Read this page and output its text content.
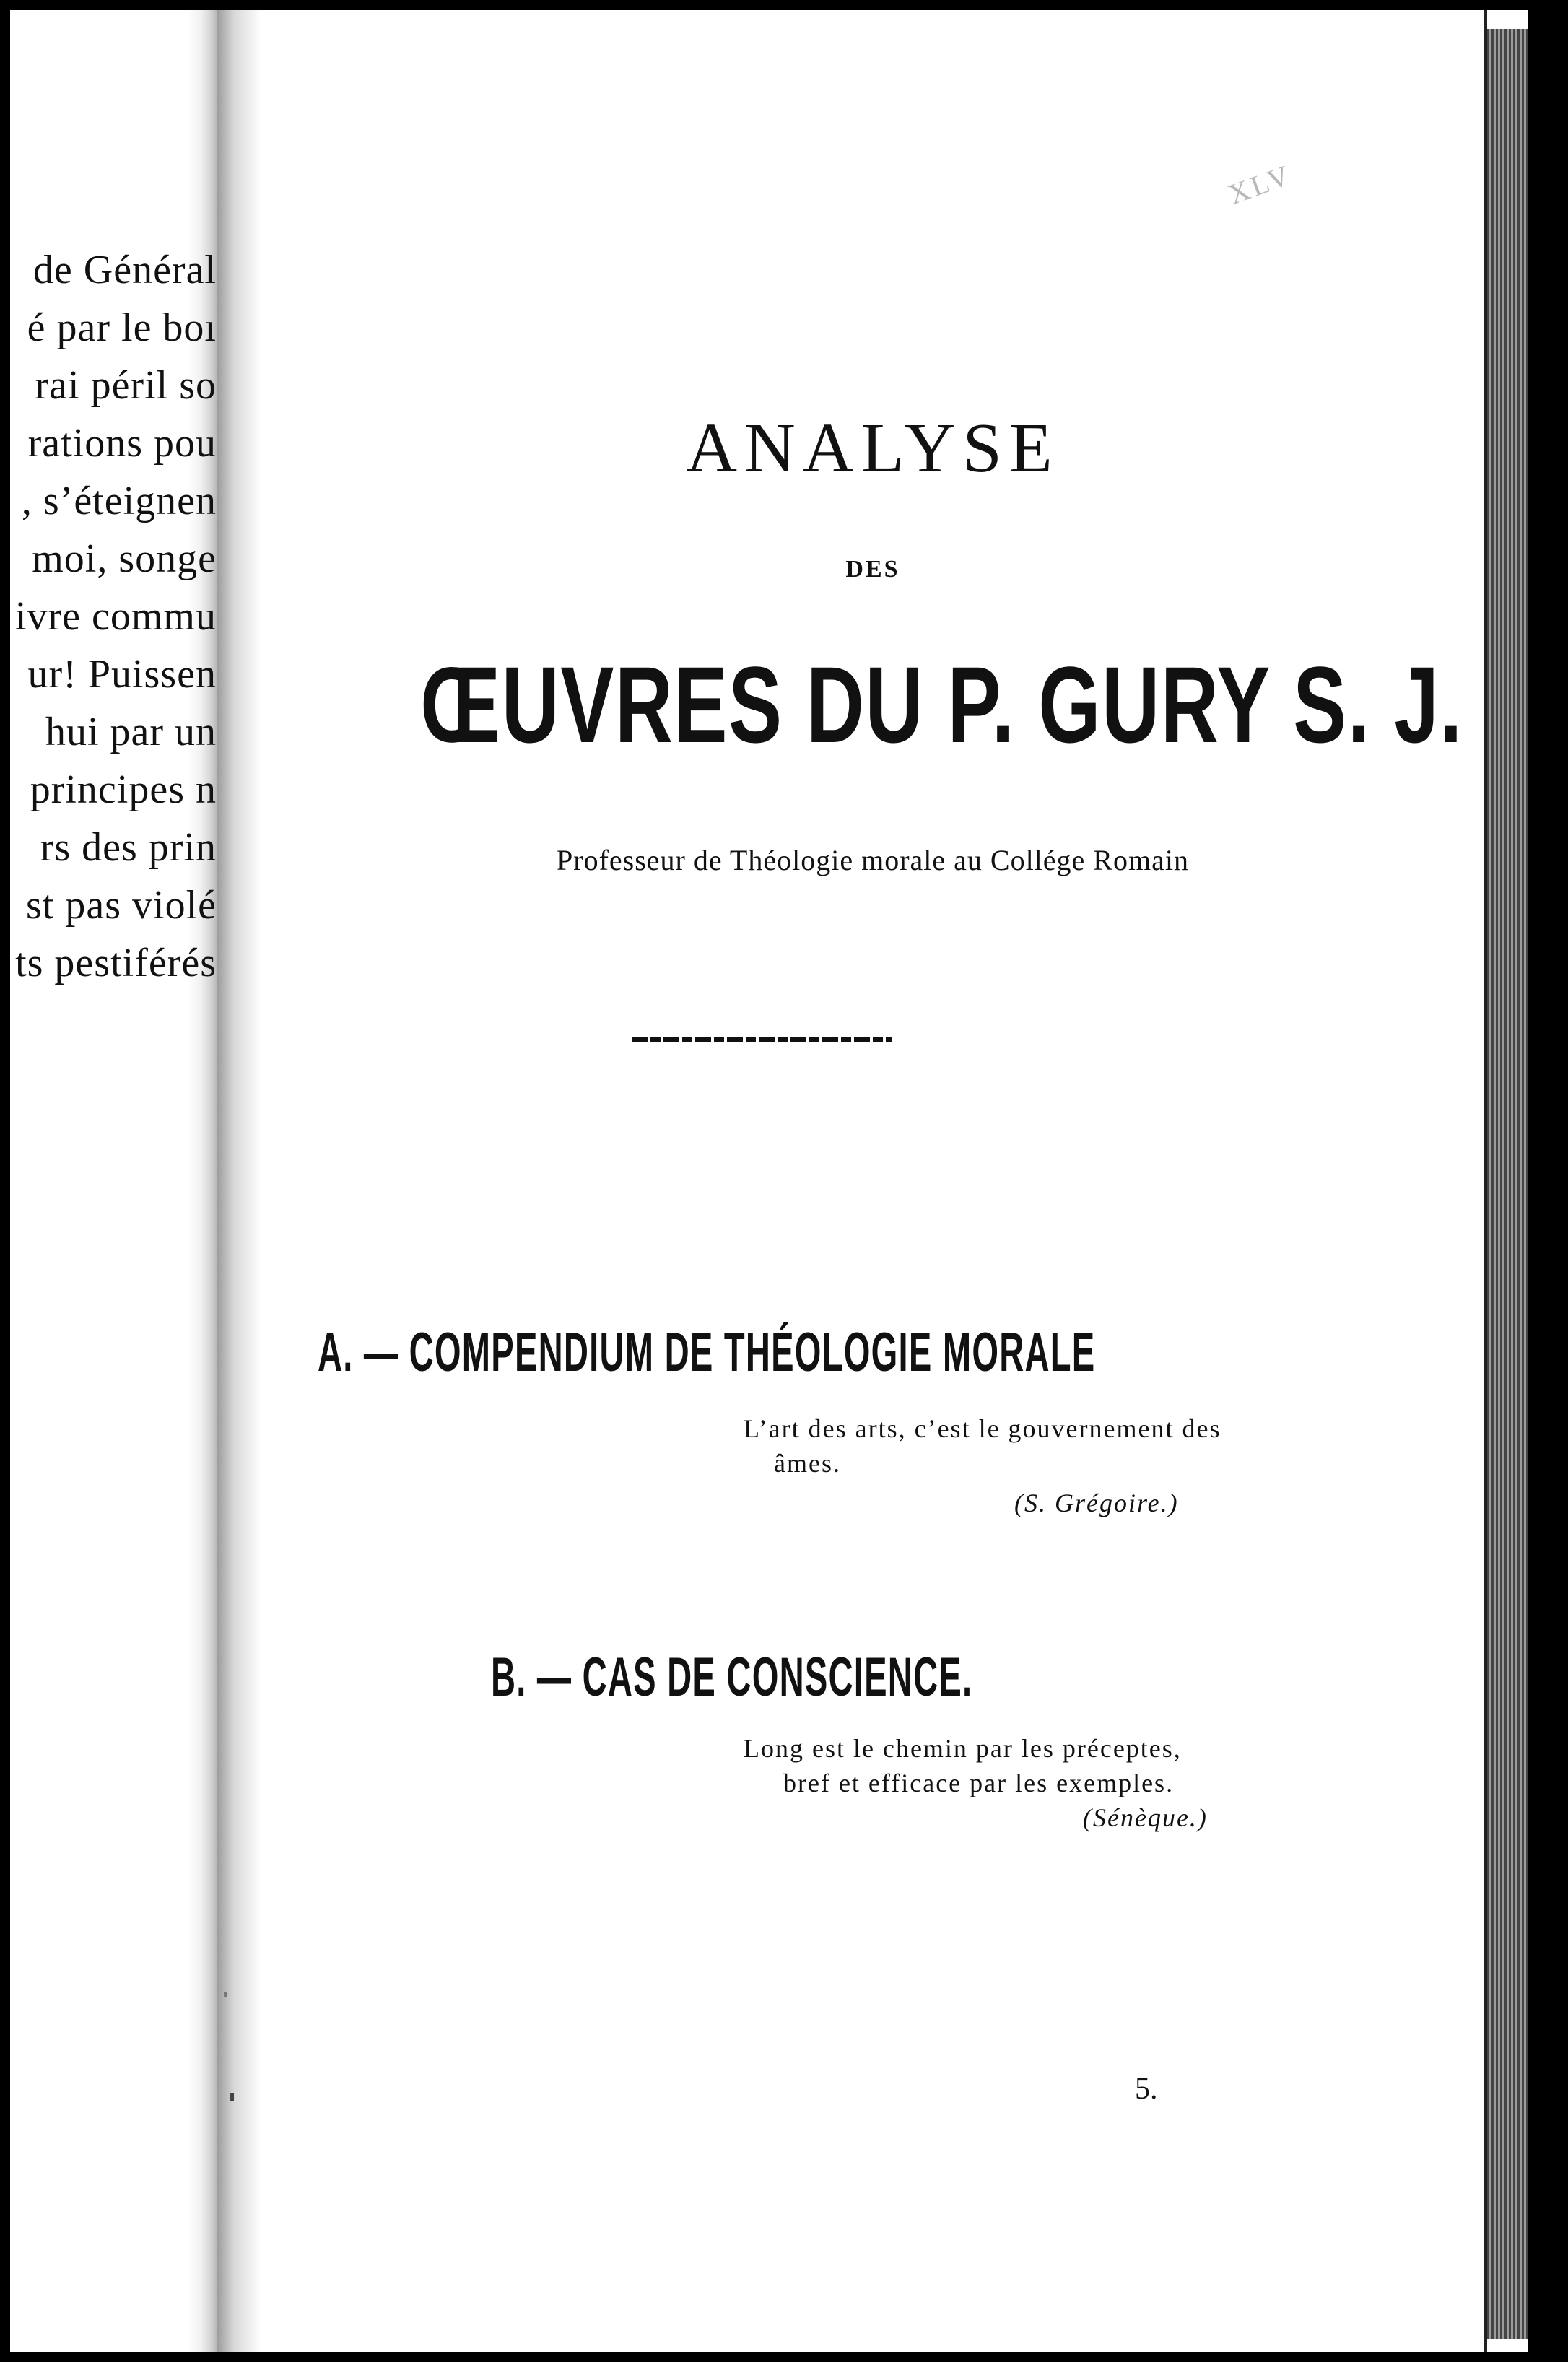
de Général
é par le boı
rai péril so
rations pou
, s’éteignen
moi, songe
ivre commu
ur! Puissen
hui par un
principes n
rs des prin
st pas violé
ts pestiférés
XLV
ANALYSE
DES
ŒUVRES DU P. GURY S. J.
Professeur de Théologie morale au Collége Romain
A. — COMPENDIUM DE THÉOLOGIE MORALE
L’art des arts, c’est le gouvernement des
âmes.
(S. Grégoire.)
B. — CAS DE CONSCIENCE.
Long est le chemin par les préceptes,
bref et efficace par les exemples.
(Sénèque.)
5.
